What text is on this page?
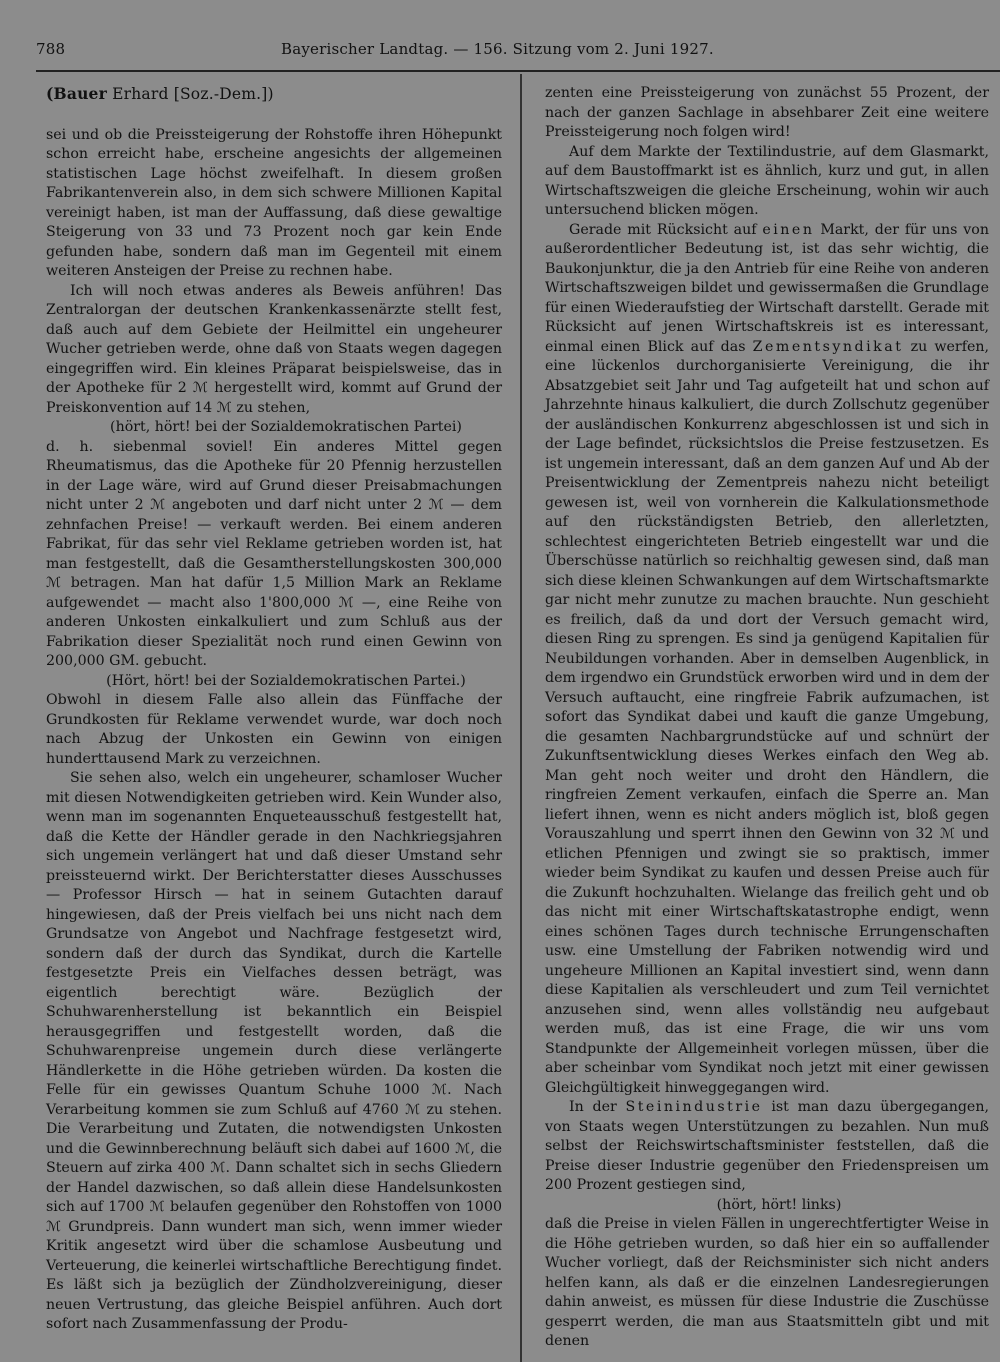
788	Bayerischer Landtag. — 156. Sitzung vom 2. Juni 1927.
(Bauer Erhard [Soz.-Dem.])

sei und ob die Preissteigerung der Rohstoffe ihren Höhepunkt schon erreicht habe, erscheine angesichts der allgemeinen statistischen Lage höchst zweifelhaft. In diesem großen Fabrikantenverein also, in dem sich schwere Millionen Kapital vereinigt haben, ist man der Auffassung, daß diese gewaltige Steigerung von 33 und 73 Prozent noch gar kein Ende gefunden habe, sondern daß man im Gegenteil mit einem weiteren Ansteigen der Preise zu rechnen habe.

Ich will noch etwas anderes als Beweis anführen! Das Zentralorgan der deutschen Krankenkassenärzte stellt fest, daß auch auf dem Gebiete der Heilmittel ein ungeheurer Wucher getrieben werde, ohne daß von Staats wegen dagegen eingegriffen wird. Ein kleines Präparat beispielsweise, das in der Apotheke für 2 ℳ hergestellt wird, kommt auf Grund der Preiskonvention auf 14 ℳ zu stehen,

(hört, hört! bei der Sozialdemokratischen Partei)

d. h. siebenmal soviel! Ein anderes Mittel gegen Rheumatismus, das die Apotheke für 20 Pfennig herzustellen in der Lage wäre, wird auf Grund dieser Preisabmachungen nicht unter 2 ℳ angeboten und darf nicht unter 2 ℳ — dem zehnfachen Preise! — verkauft werden. Bei einem anderen Fabrikat, für das sehr viel Reklame getrieben worden ist, hat man festgestellt, daß die Gesamtherstellungskosten 300,000 ℳ betragen. Man hat dafür 1,5 Million Mark an Reklame aufgewendet — macht also 1'800,000 ℳ —, eine Reihe von anderen Unkosten einkalkuliert und zum Schluß aus der Fabrikation dieser Spezialität noch rund einen Gewinn von 200,000 GM. gebucht.

(Hört, hört! bei der Sozialdemokratischen Partei.)

Obwohl in diesem Falle also allein das Fünffache der Grundkosten für Reklame verwendet wurde, war doch noch nach Abzug der Unkosten ein Gewinn von einigen hunderttausend Mark zu verzeichnen.

Sie sehen also, welch ein ungeheurer, schamloser Wucher mit diesen Notwendigkeiten getrieben wird. Kein Wunder also, wenn man im sogenannten Enqueteausschuß festgestellt hat, daß die Kette der Händler gerade in den Nachkriegsjahren sich ungemein verlängert hat und daß dieser Umstand sehr preissteuernd wirkt. Der Berichterstatter dieses Ausschusses — Professor Hirsch — hat in seinem Gutachten darauf hingewiesen, daß der Preis vielfach bei uns nicht nach dem Grundsatze von Angebot und Nachfrage festgesetzt wird, sondern daß der durch das Syndikat, durch die Kartelle festgesetzte Preis ein Vielfaches dessen beträgt, was eigentlich berechtigt wäre. Bezüglich der Schuhwarenherstellung ist bekanntlich ein Beispiel herausgegriffen und festgestellt worden, daß die Schuhwarenpreise ungemein durch diese verlängerte Händlerkette in die Höhe getrieben würden. Da kosten die Felle für ein gewisses Quantum Schuhe 1000 ℳ. Nach Verarbeitung kommen sie zum Schluß auf 4760 ℳ zu stehen. Die Verarbeitung und Zutaten, die notwendigsten Unkosten und die Gewinnberechnung beläuft sich dabei auf 1600 ℳ, die Steuern auf zirka 400 ℳ. Dann schaltet sich in sechs Gliedern der Handel dazwischen, so daß allein diese Handelsunkosten sich auf 1700 ℳ belaufen gegenüber den Rohstoffen von 1000 ℳ Grundpreis. Dann wundert man sich, wenn immer wieder Kritik angesetzt wird über die schamlose Ausbeutung und Verteuerung, die keinerlei wirtschaftliche Berechtigung findet. Es läßt sich ja bezüglich der Zündholzvereinigung, dieser neuen Vertrustung, das gleiche Beispiel anführen. Auch dort sofort nach Zusammenfassung der Produ-

zenten eine Preissteigerung von zunächst 55 Prozent, der nach der ganzen Sachlage in absehbarer Zeit eine weitere Preissteigerung noch folgen wird!

Auf dem Markte der Textilindustrie, auf dem Glasmarkt, auf dem Baustoffmarkt ist es ähnlich, kurz und gut, in allen Wirtschaftszweigen die gleiche Erscheinung, wohin wir auch untersuchend blicken mögen.

Gerade mit Rücksicht auf einen Markt, der für uns von außerordentlicher Bedeutung ist, ist das sehr wichtig, die Baukonjunktur, die ja den Antrieb für eine Reihe von anderen Wirtschaftszweigen bildet und gewissermaßen die Grundlage für einen Wiederaufstieg der Wirtschaft darstellt. Gerade mit Rücksicht auf jenen Wirtschaftskreis ist es interessant, einmal einen Blick auf das Zementsyndikat zu werfen, eine lückenlos durchorganisierte Vereinigung, die ihr Absatzgebiet seit Jahr und Tag aufgeteilt hat und schon auf Jahrzehnte hinaus kalkuliert, die durch Zollschutz gegenüber der ausländischen Konkurrenz abgeschlossen ist und sich in der Lage befindet, rücksichtslos die Preise festzusetzen. Es ist ungemein interessant, daß an dem ganzen Auf und Ab der Preisentwicklung der Zementpreis nahezu nicht beteiligt gewesen ist, weil von vornherein die Kalkulationsmethode auf den rückständigsten Betrieb, den allerletzten, schlechtest eingerichteten Betrieb eingestellt war und die Überschüsse natürlich so reichhaltig gewesen sind, daß man sich diese kleinen Schwankungen auf dem Wirtschaftsmarkte gar nicht mehr zunutze zu machen brauchte. Nun geschieht es freilich, daß da und dort der Versuch gemacht wird, diesen Ring zu sprengen. Es sind ja genügend Kapitalien für Neubildungen vorhanden. Aber in demselben Augenblick, in dem irgendwo ein Grundstück erworben wird und in dem der Versuch auftaucht, eine ringfreie Fabrik aufzumachen, ist sofort das Syndikat dabei und kauft die ganze Umgebung, die gesamten Nachbargrundstücke auf und schnürt der Zukunftsentwicklung dieses Werkes einfach den Weg ab. Man geht noch weiter und droht den Händlern, die ringfreien Zement verkaufen, einfach die Sperre an. Man liefert ihnen, wenn es nicht anders möglich ist, bloß gegen Vorauszahlung und sperrt ihnen den Gewinn von 32 ℳ und etlichen Pfennigen und zwingt sie so praktisch, immer wieder beim Syndikat zu kaufen und dessen Preise auch für die Zukunft hochzuhalten. Wielange das freilich geht und ob das nicht mit einer Wirtschaftskatastrophe endigt, wenn eines schönen Tages durch technische Errungenschaften usw. eine Umstellung der Fabriken notwendig wird und ungeheure Millionen an Kapital investiert sind, wenn dann diese Kapitalien als verschleudert und zum Teil vernichtet anzusehen sind, wenn alles vollständig neu aufgebaut werden muß, das ist eine Frage, die wir uns vom Standpunkte der Allgemeinheit vorlegen müssen, über die aber scheinbar vom Syndikat noch jetzt mit einer gewissen Gleichgültigkeit hinweggegangen wird.

In der Steinindustrie ist man dazu übergegangen, von Staats wegen Unterstützungen zu bezahlen. Nun muß selbst der Reichswirtschaftsminister feststellen, daß die Preise dieser Industrie gegenüber den Friedenspreisen um 200 Prozent gestiegen sind,

(hört, hört! links)

daß die Preise in vielen Fällen in ungerechtfertigter Weise in die Höhe getrieben wurden, so daß hier ein so auffallender Wucher vorliegt, daß der Reichsminister sich nicht anders helfen kann, als daß er die einzelnen Landesregierungen dahin anweist, es müssen für diese Industrie die Zuschüsse gesperrt werden, die man aus Staatsmitteln gibt und mit denen
